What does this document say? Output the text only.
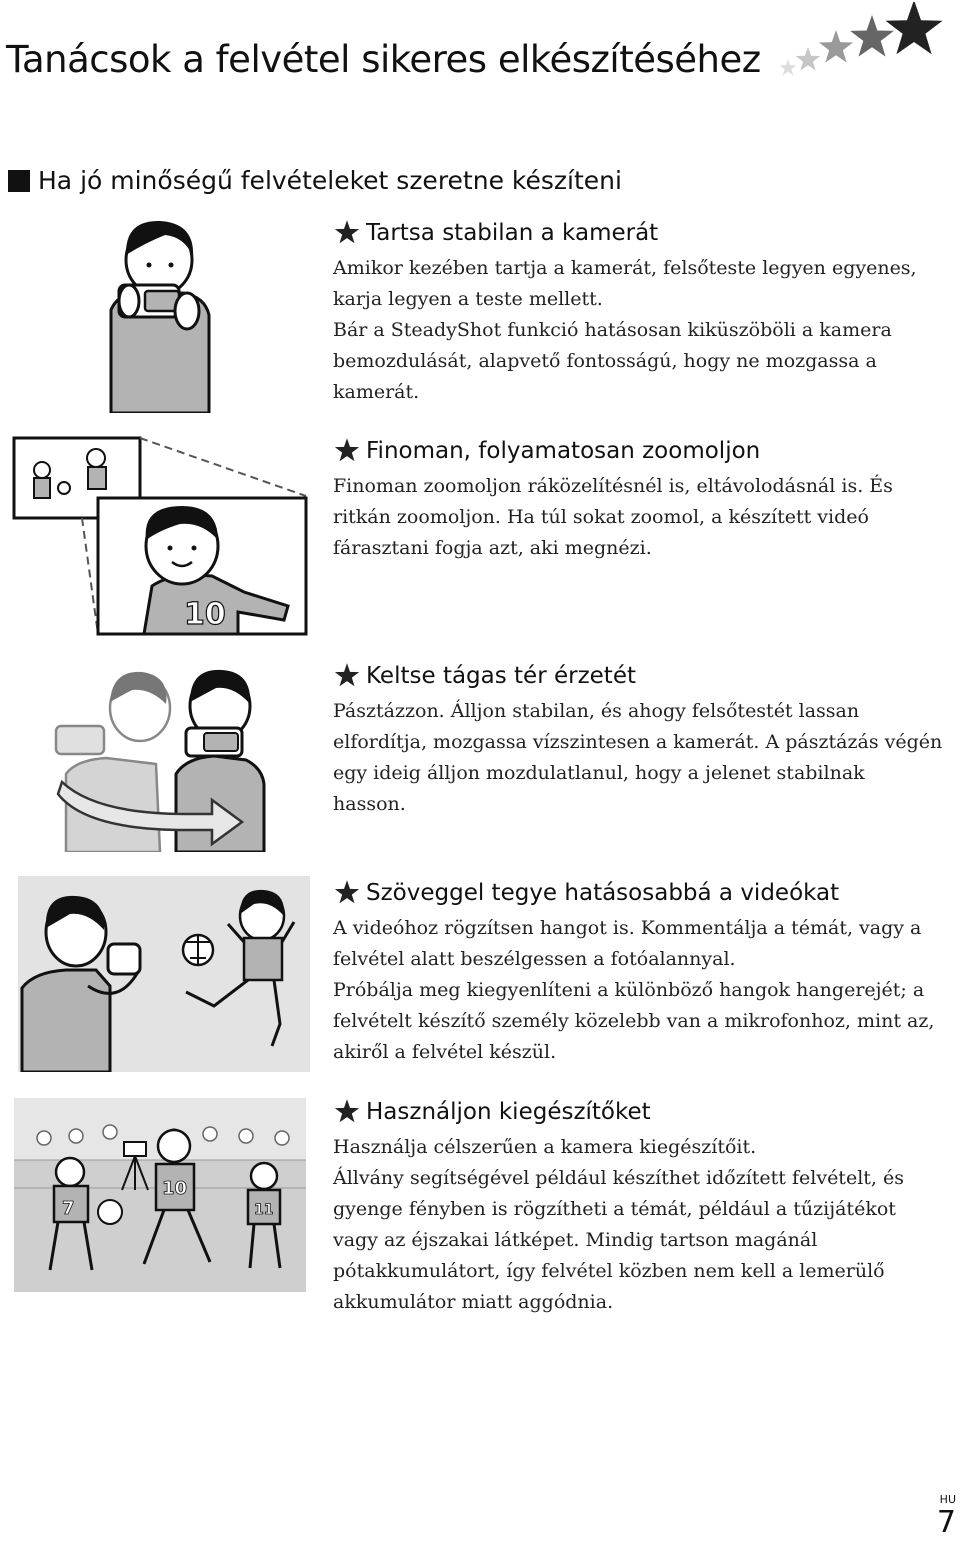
Tanácsok a felvétel sikeres elkészítéséhez
Ha jó minőségű felvételeket szeretne készíteni
10
7
10
11
Tartsa stabilan a kamerát

Amikor kezében tartja a kamerát, felsőteste legyen egyenes, karja legyen a teste mellett.

Bár a SteadyShot funkció hatásosan kiküszöböli a kamera bemozdulását, alapvető fontosságú, hogy ne mozgassa a kamerát.

Finoman, folyamatosan zoomoljon

Finoman zoomoljon ráközelítésnél is, eltávolodásnál is. És ritkán zoomoljon. Ha túl sokat zoomol, a készített videó fárasztani fogja azt, aki megnézi.

Keltse tágas tér érzetét

Pásztázzon. Álljon stabilan, és ahogy felsőtestét lassan elfordítja, mozgassa vízszintesen a kamerát. A pásztázás végén egy ideig álljon mozdulatlanul, hogy a jelenet stabilnak hasson.

Szöveggel tegye hatásosabbá a videókat

A videóhoz rögzítsen hangot is. Kommentálja a témát, vagy a felvétel alatt beszélgessen a fotóalannyal.

Próbálja meg kiegyenlíteni a különböző hangok hangerejét; a felvételt készítő személy közelebb van a mikrofonhoz, mint az, akiről a felvétel készül.

Használjon kiegészítőket

Használja célszerűen a kamera kiegészítőit.

Állvány segítségével például készíthet időzített felvételt, és gyenge fényben is rögzítheti a témát, például a tűzijátékot vagy az éjszakai látképet. Mindig tartson magánál pótakkumulátort, így felvétel közben nem kell a lemerülő akkumulátor miatt aggódnia.

HU
7
